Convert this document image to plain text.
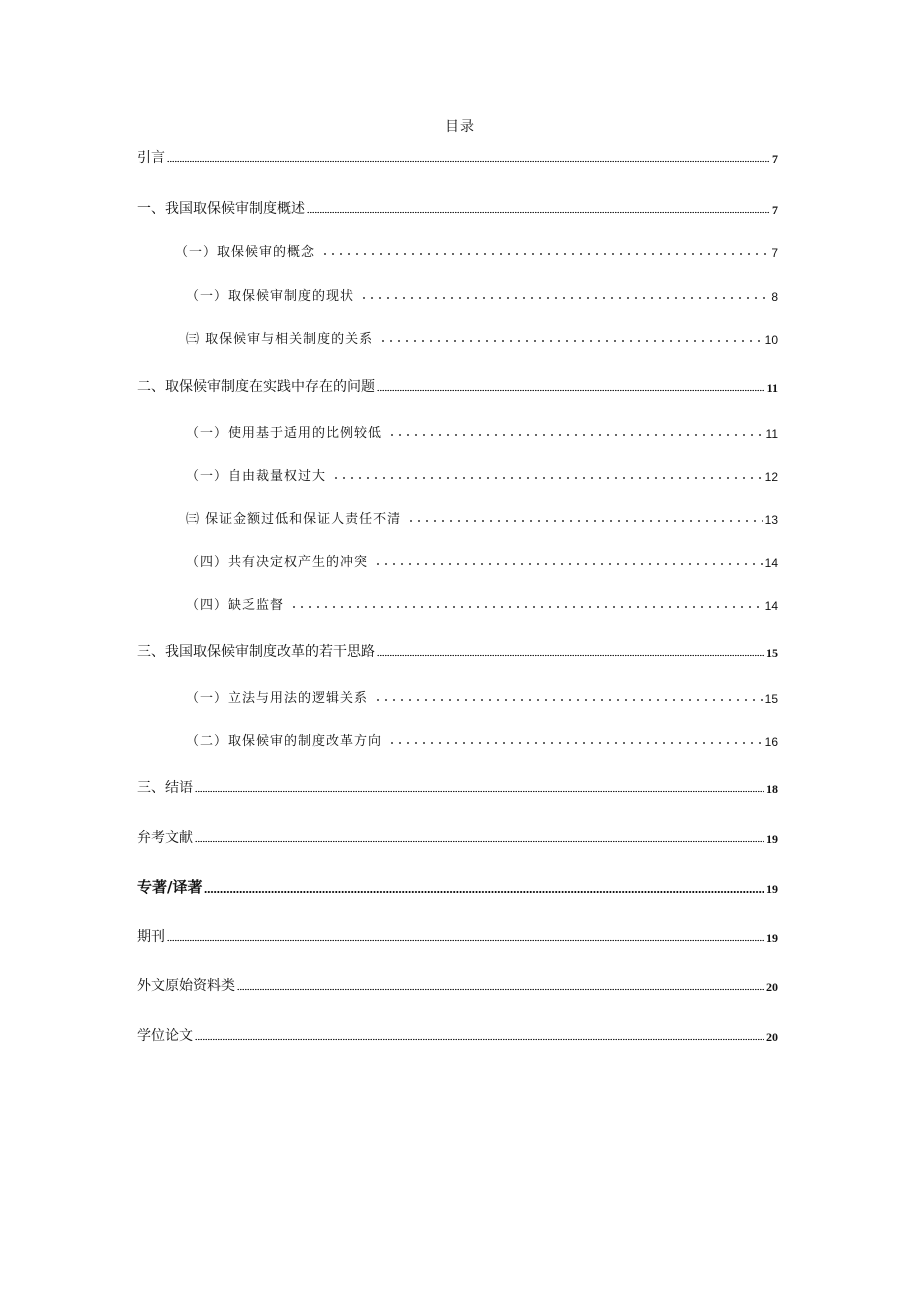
目录
引言	7
一、我国取保候审制度概述	7
（一）取保候审的概念	7
（一）取保候审制度的现状	8
㈢ 取保候审与相关制度的关系	10
二、取保候审制度在实践中存在的问题	11
（一）使用基于适用的比例较低	11
（一）自由裁量权过大	12
㈢ 保证金额过低和保证人责任不清	13
（四）共有决定权产生的冲突	14
（四）缺乏监督	14
三、我国取保候审制度改革的若干思路	15
（一）立法与用法的逻辑关系	15
（二）取保候审的制度改革方向	16
三、结语	18
弁考文献	19
专著/译著	19
期刊	19
外文原始资料类	20
学位论文	20
